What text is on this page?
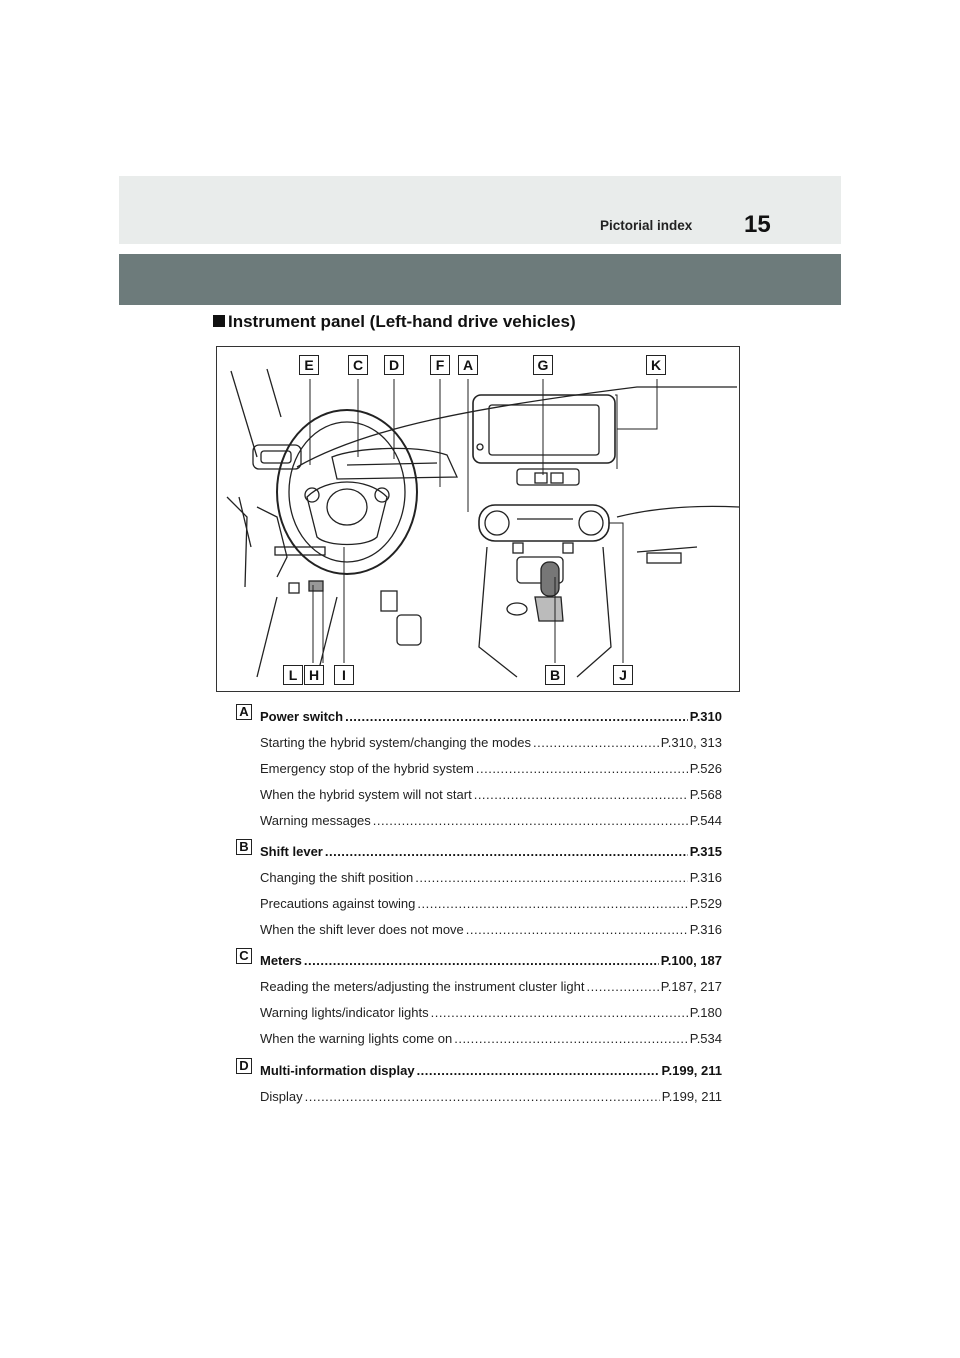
Pictorial index 15
Instrument panel (Left-hand drive vehicles)
E	C	D	F	A	G	K
L H	I	B	J
A Power switch .....	P.310
Starting the hybrid system/changing the modes .....	P.310, 313
Emergency stop of the hybrid system .....	P.526
When the hybrid system will not start .....	P.568
Warning messages .....	P.544
B Shift lever .....	P.315
Changing the shift position .....	P.316
Precautions against towing .....	P.529
When the shift lever does not move .....	P.316
C Meters .....	P.100, 187
Reading the meters/adjusting the instrument cluster light .....	P.187, 217
Warning lights/indicator lights .....	P.180
When the warning lights come on .....	P.534
D Multi-information display .....	P.199, 211
Display .....	P.199, 211
